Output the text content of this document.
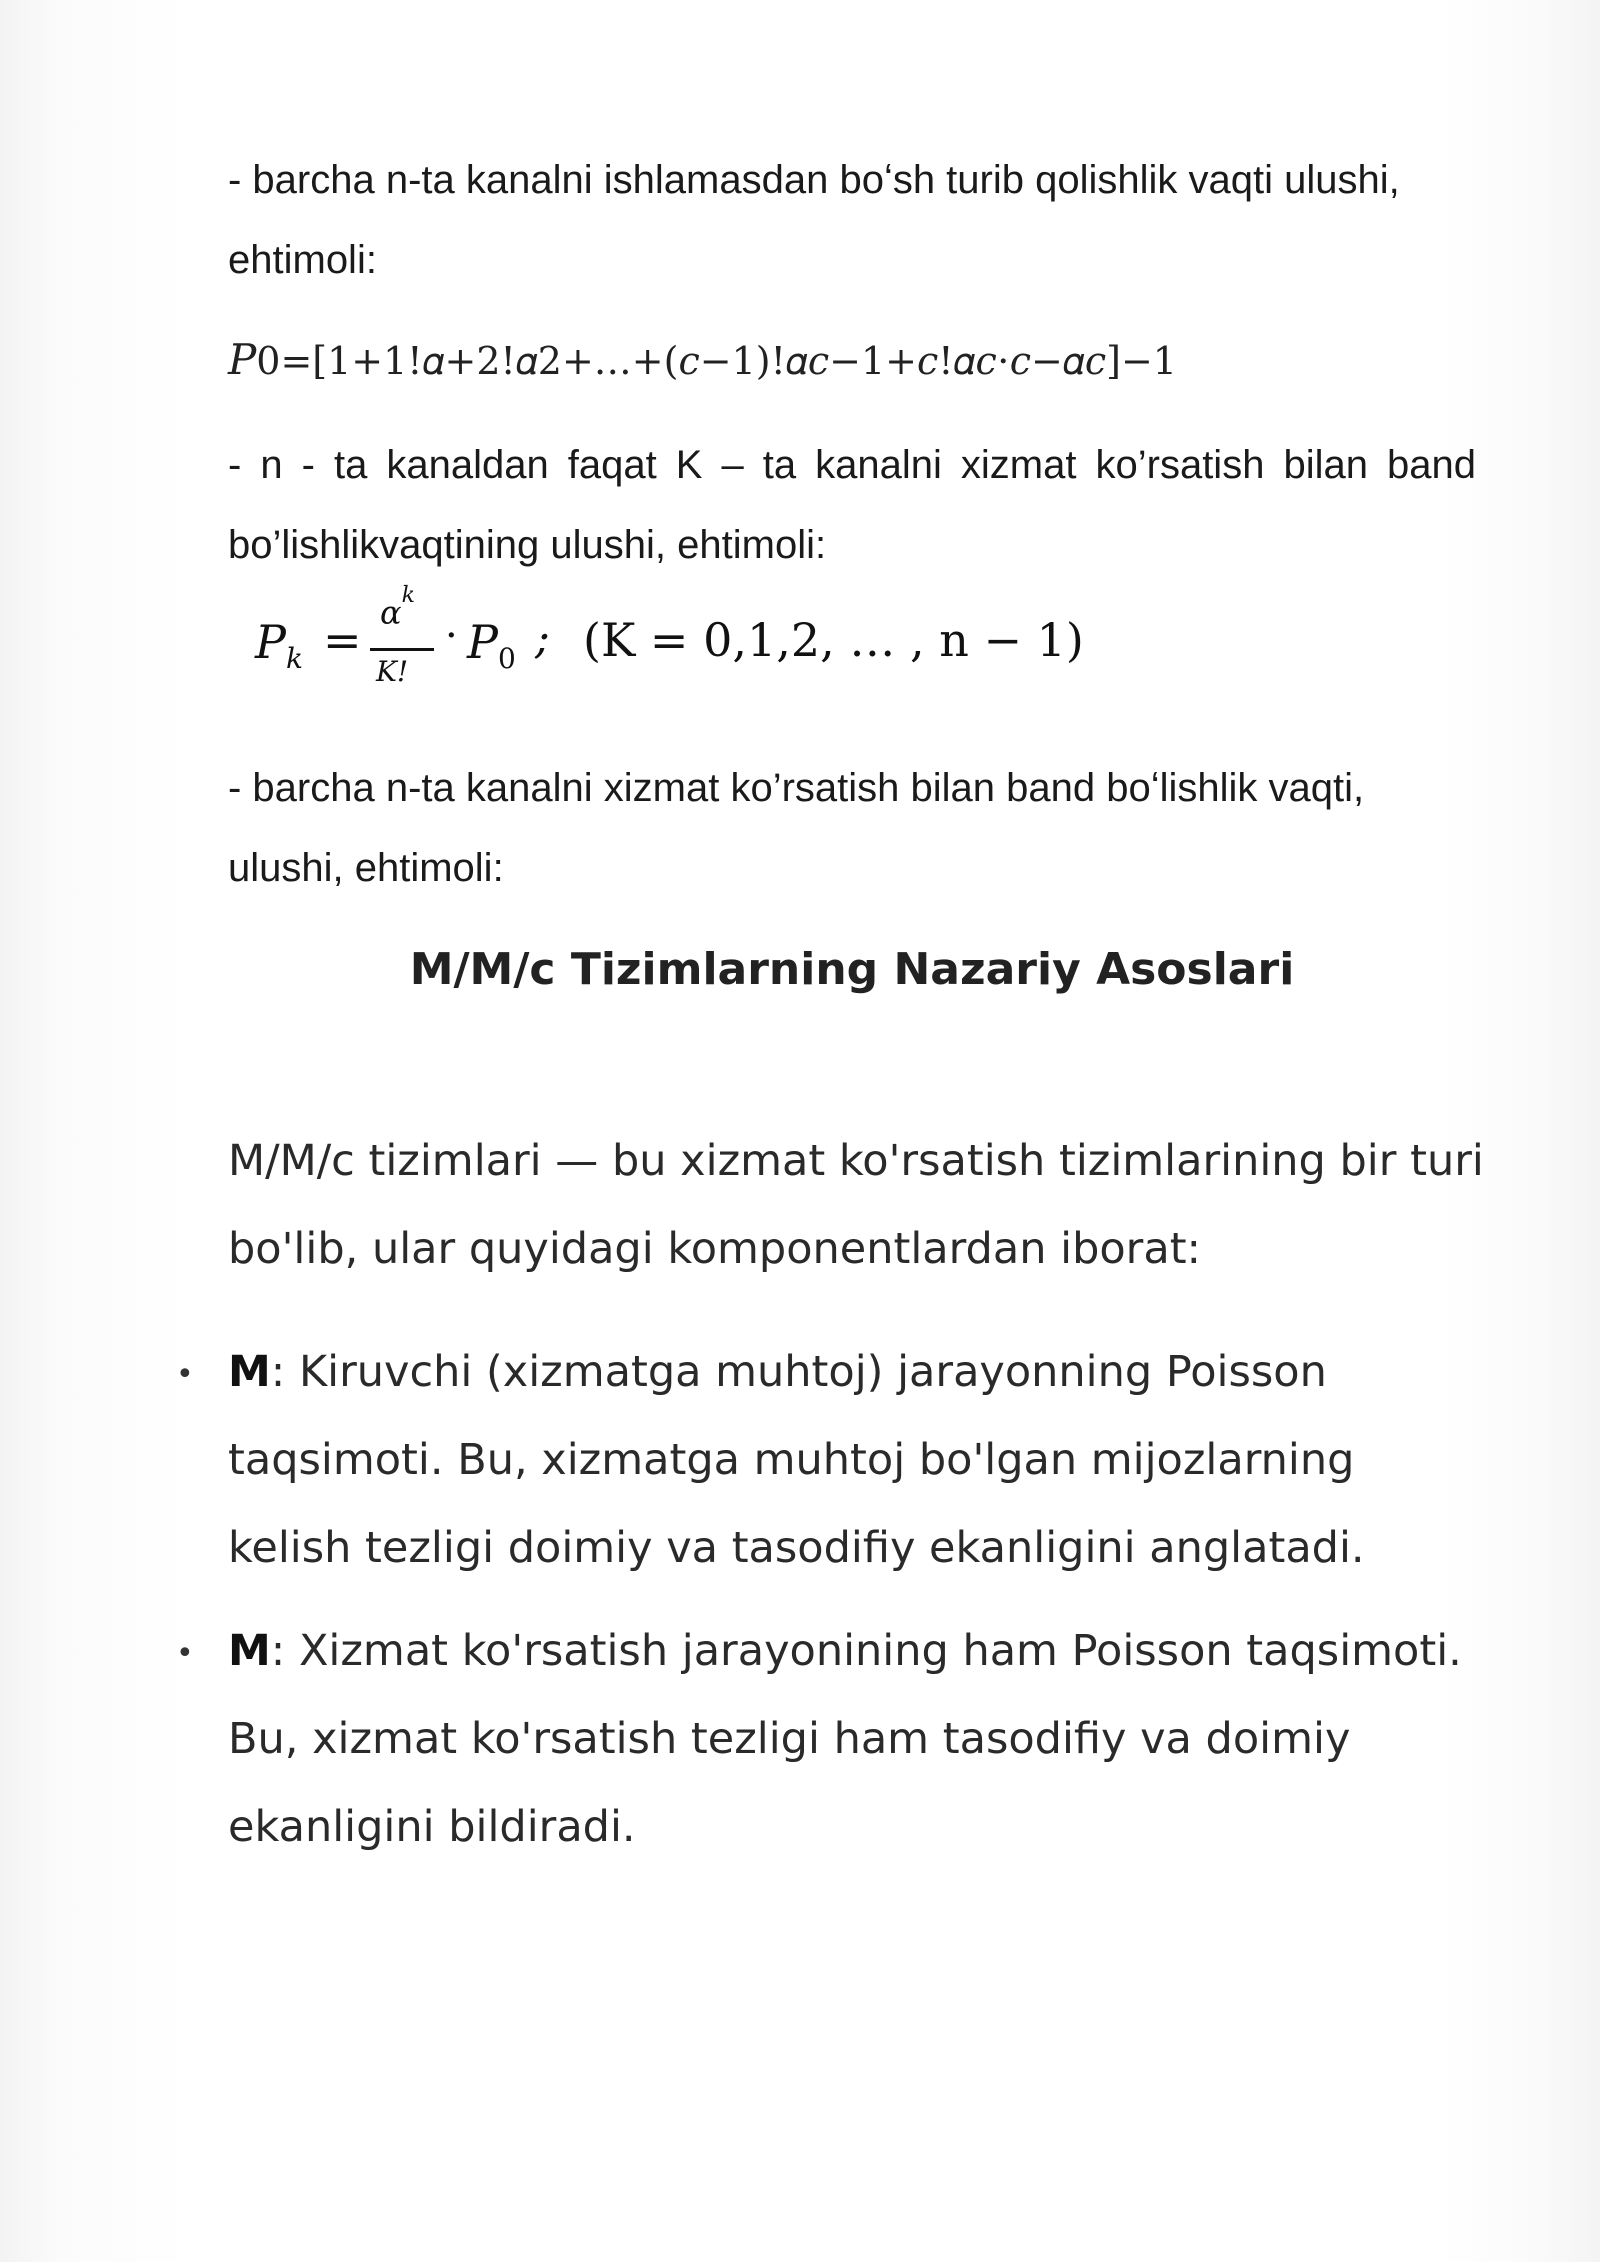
- barcha n-ta kanalni ishlamasdan boʻsh turib qolishlik vaqti ulushi, ehtimoli:

𝑃0=[1+1!𝛼+2!𝛼2+…+(𝑐−1)!𝛼𝑐−1+𝑐!𝛼𝑐⋅𝑐−𝛼𝑐]−1

- n - ta kanaldan faqat K – ta kanalni xizmat ko’rsatish bilan band bo’lishlikvaqtining ulushi, ehtimoli:

$P_k$ =
$\alpha^k$
K!
· $P_0$ ; (K = 0,1,2, … , n − 1)

- barcha n-ta kanalni xizmat ko’rsatish bilan band boʻlishlik vaqti, ulushi, ehtimoli:

M/M/c Tizimlarning Nazariy Asoslari

M/M/c tizimlari — bu xizmat ko'rsatish tizimlarining bir turi bo'lib, ular quyidagi komponentlardan iborat:

• M: Kiruvchi (xizmatga muhtoj) jarayonning Poisson taqsimoti. Bu, xizmatga muhtoj bo'lgan mijozlarning kelish tezligi doimiy va tasodifiy ekanligini anglatadi.

• M: Xizmat ko'rsatish jarayonining ham Poisson taqsimoti. Bu, xizmat ko'rsatish tezligi ham tasodifiy va doimiy ekanligini bildiradi.
